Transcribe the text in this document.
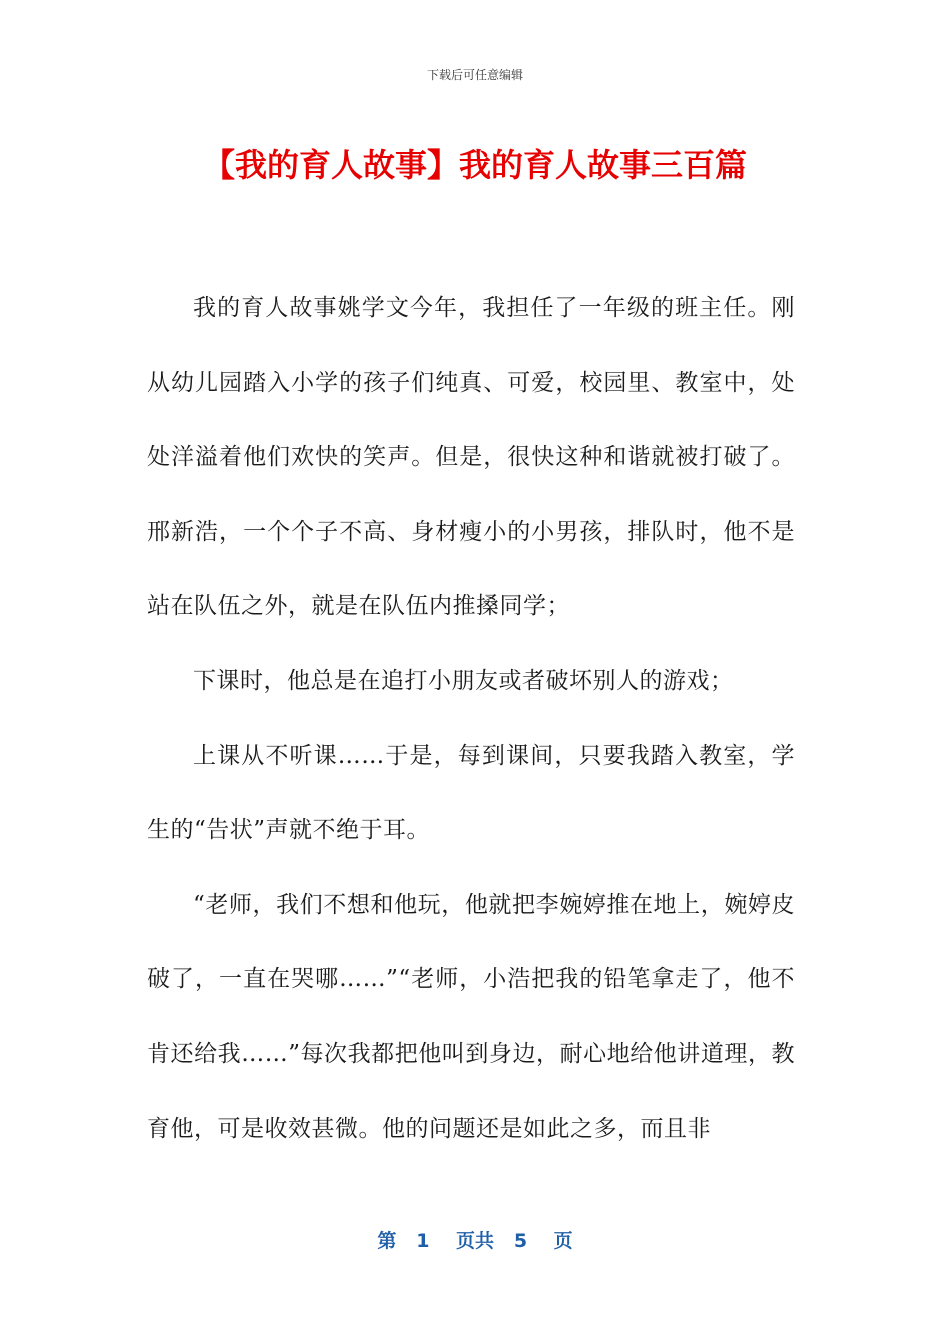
下载后可任意编辑
【我的育人故事】我的育人故事三百篇

我的育人故事姚学文今年，我担任了一年级的班主任。刚从幼儿园踏入小学的孩子们纯真、可爱，校园里、教室中，处处洋溢着他们欢快的笑声。但是，很快这种和谐就被打破了。邢新浩，一个个子不高、身材瘦小的小男孩，排队时，他不是站在队伍之外，就是在队伍内推搡同学；

下课时，他总是在追打小朋友或者破坏别人的游戏；

上课从不听课……于是，每到课间，只要我踏入教室，学生的“告状”声就不绝于耳。

“老师，我们不想和他玩，他就把李婉婷推在地上，婉婷皮破了，一直在哭哪……”“老师，小浩把我的铅笔拿走了，他不肯还给我……”每次我都把他叫到身边，耐心地给他讲道理，教育他，可是收效甚微。他的问题还是如此之多，而且非

第 1 页共 5 页
